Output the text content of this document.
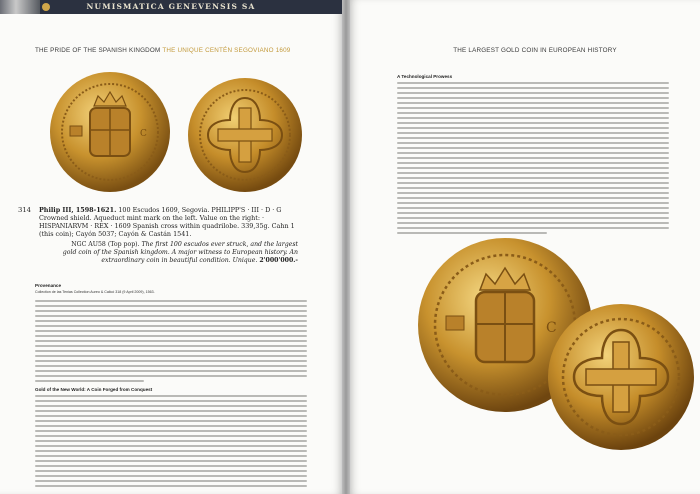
NUMISMATICA GENEVENSIS SA
THE PRIDE OF THE SPANISH KINGDOM THE UNIQUE CENTÉN SEGOVIANO 1609
C
314 Philip III, 1598-1621. 100 Escudos 1609, Segovia. PHILIPP'S · III · D · G Crowned shield. Aqueduct mint mark on the left. Value on the right: · HISPANIARVM · REX · 1609 Spanish cross within quadrilobe. 339,35g. Cahn 1 (this coin); Cayón 5037; Cayón & Castán 1541.
NGC AU58 (Top pop). The first 100 escudos ever struck, and the largest gold coin of the Spanish kingdom. A major witness to European history. An extraordinary coin in beautiful condition. Unique. 2'000'000.-
Provenance
Collection de las Tenias Collection Aureo & Calicó 318 (9 April 2009), 1563.
Gold of the New World: A Coin Forged from Conquest
THE LARGEST GOLD COIN IN EUROPEAN HISTORY
A Technological Prowess
C
